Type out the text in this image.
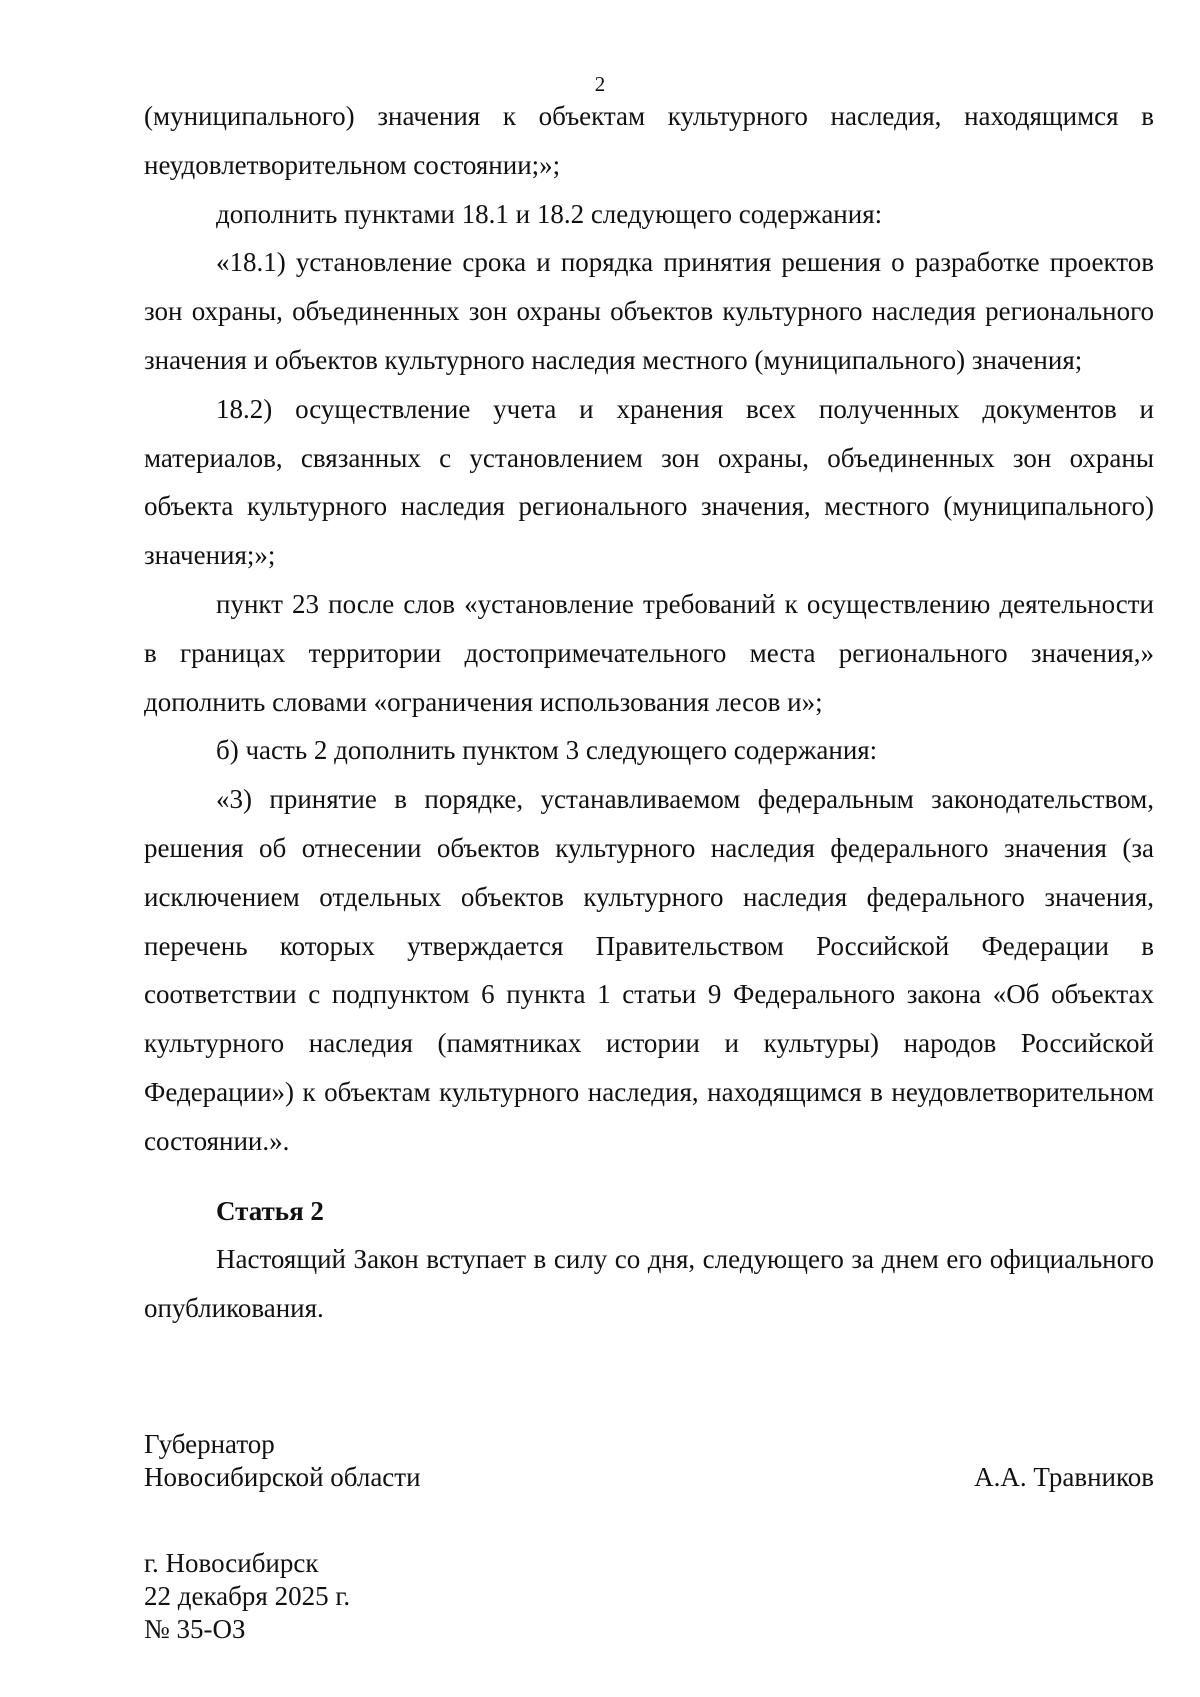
2

(муниципального) значения к объектам культурного наследия, находящимся в неудовлетворительном состоянии;»;

дополнить пунктами 18.1 и 18.2 следующего содержания:

«18.1) установление срока и порядка принятия решения о разработке проектов зон охраны, объединенных зон охраны объектов культурного наследия регионального значения и объектов культурного наследия местного (муниципального) значения;

18.2) осуществление учета и хранения всех полученных документов и материалов, связанных с установлением зон охраны, объединенных зон охраны объекта культурного наследия регионального значения, местного (муниципального) значения;»;

пункт 23 после слов «установление требований к осуществлению деятельности в границах территории достопримечательного места регионального значения,» дополнить словами «ограничения использования лесов и»;

б) часть 2 дополнить пунктом 3 следующего содержания:

«3) принятие в порядке, устанавливаемом федеральным законодательством, решения об отнесении объектов культурного наследия федерального значения (за исключением отдельных объектов культурного наследия федерального значения, перечень которых утверждается Правительством Российской Федерации в соответствии с подпунктом 6 пункта 1 статьи 9 Федерального закона «Об объектах культурного наследия (памятниках истории и культуры) народов Российской Федерации») к объектам культурного наследия, находящимся в неудовлетворительном состоянии.».

Статья 2

Настоящий Закон вступает в силу со дня, следующего за днем его официального опубликования.

Губернатор
Новосибирской области	А.А. Травников
г. Новосибирск
22 декабря 2025 г.
№ 35-ОЗ
